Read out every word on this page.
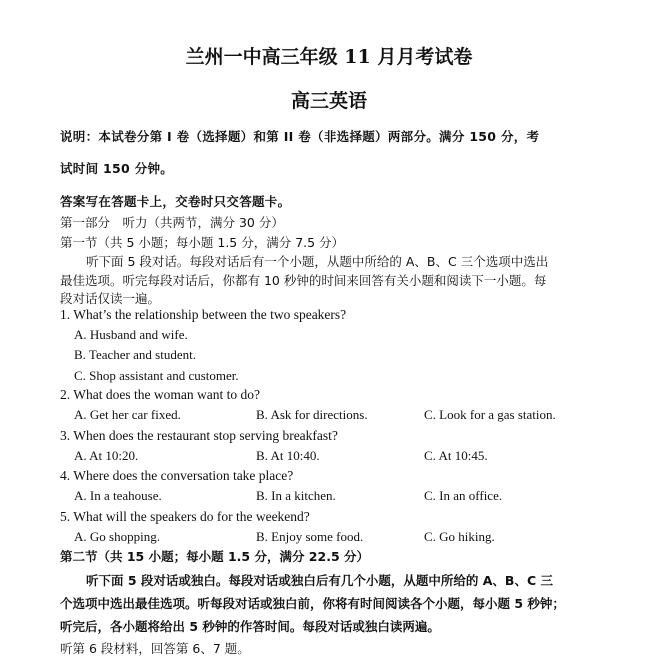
兰州一中高三年级 11 月月考试卷
高三英语
说明：本试卷分第 I 卷（选择题）和第 II 卷（非选择题）两部分。满分 150 分，考
试时间 150 分钟。
答案写在答题卡上，交卷时只交答题卡。
第一部分　听力（共两节，满分 30 分）
第一节（共 5 小题；每小题 1.5 分，满分 7.5 分）
听下面 5 段对话。每段对话后有一个小题，从题中所给的 A、B、C 三个选项中选出
最佳选项。听完每段对话后，你都有 10 秒钟的时间来回答有关小题和阅读下一小题。每
段对话仅读一遍。
1. What’s the relationship between the two speakers?
A. Husband and wife.
B. Teacher and student.
C. Shop assistant and customer.
2. What does the woman want to do?
A. Get her car fixed.	B. Ask for directions.	C. Look for a gas station.
3. When does the restaurant stop serving breakfast?
A. At 10:20.	B. At 10:40.	C. At 10:45.
4. Where does the conversation take place?
A. In a teahouse.	B. In a kitchen.	C. In an office.
5. What will the speakers do for the weekend?
A. Go shopping.	B. Enjoy some food.	C. Go hiking.
第二节（共 15 小题；每小题 1.5 分，满分 22.5 分）
听下面 5 段对话或独白。每段对话或独白后有几个小题，从题中所给的 A、B、C 三
个选项中选出最佳选项。听每段对话或独白前，你将有时间阅读各个小题，每小题 5 秒钟；
听完后，各小题将给出 5 秒钟的作答时间。每段对话或独白读两遍。
听第 6 段材料，回答第 6、7 题。
